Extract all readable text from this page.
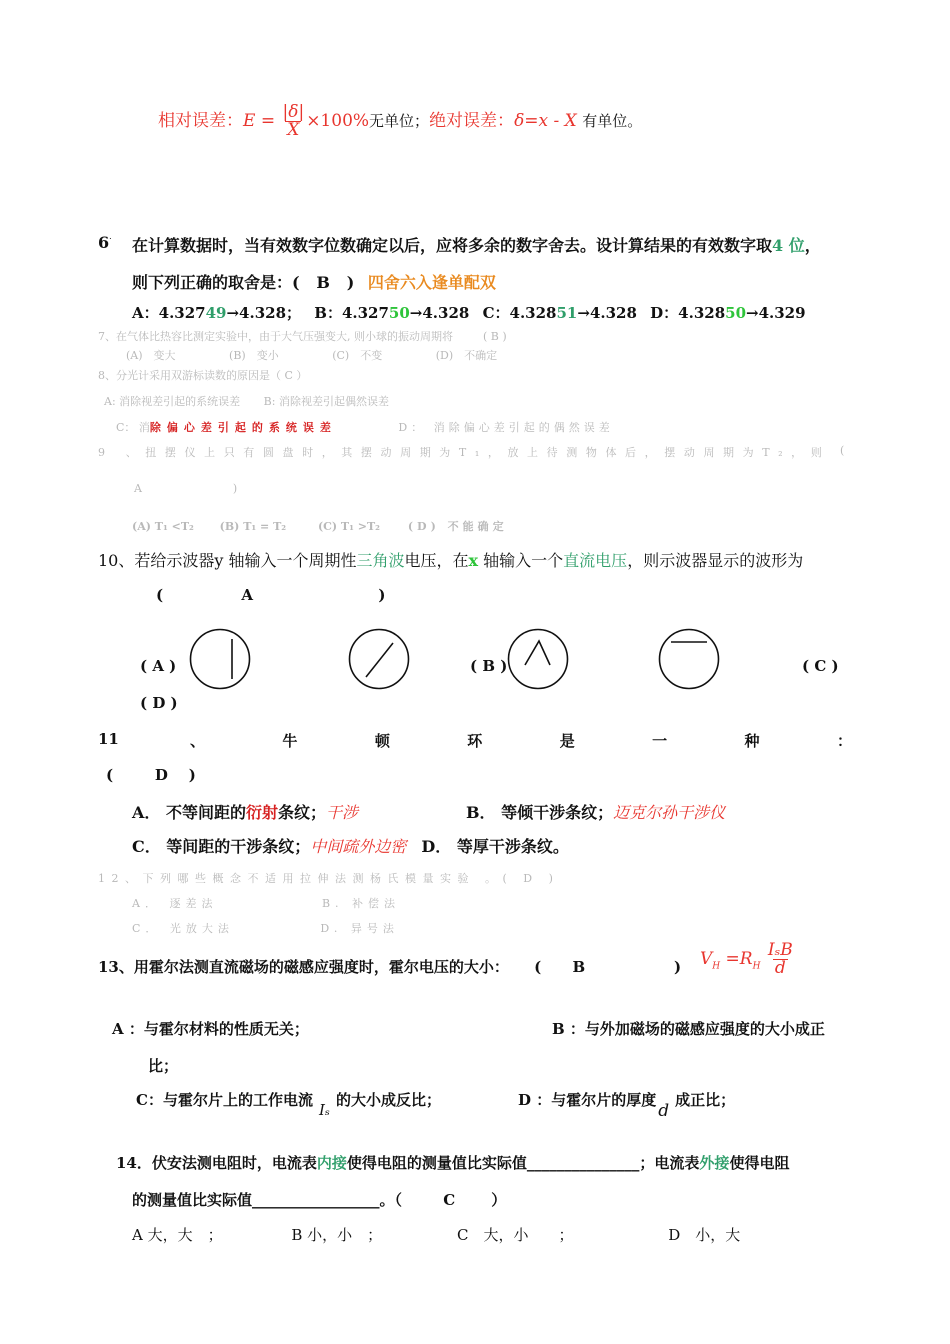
相对误差：$E = \frac{|\delta|}{X} \times 100\%$无单位；绝对误差：δ=x - X 有单位。
6· 在计算数据时，当有效数字位数确定以后，应将多余的数字舍去。设计算结果的有效数字取4 位，
则下列正确的取舍是：( B ) 四舍六入逢单配双
A：4.32749→4.328； B：4.32750→4.328 C：4.32851→4.328 D：4.32850→4.329
7、在气体比热容比测定实验中，由于大气压强变大, 则小球的振动周期将	( B )
(A)　变大	(B)　变小	(C)　不变	(D)　不确定
8、分光计采用双游标读数的原因是（ C ）
A: 消除视差引起的系统误差 B: 消除视差引起偶然误差
C： 消除偏心差引起的系统误差	D： 消除偏心差引起的偶然误差
9 、扭摆仪上只有圆盘时，其摆动周期为T₁，放上待测物体后，摆动周期为T₂，则 (
A                          )
(A) T₁ <T₂ (B) T₁ = T₂	(C) T₁ >T₂	(D) 不能确定
10、若给示波器y 轴输入一个周期性三角波电压，在x 轴输入一个直流电压，则示波器显示的波形为
(               A                        )
( A )	( B )	( C )
( D )
11	、	牛	顿	环	是	一	种	：
(        D    )
A． 不等间距的衍射条纹；干涉	B． 等倾干涉条纹；迈克尔孙干涉仪
C． 等间距的干涉条纹；中间疏外边密 D． 等厚干涉条纹。
12、下列哪些概念不适用拉伸法测杨氏模量实验 。( D )
A． 逐差法	B. 补偿法
C． 光放大法	D. 异号法
13、用霍尔法测直流磁场的磁感应强度时，霍尔电压的大小： (      B                 ) $V_H =R_H \frac{\text{IₛB}}{d}$
A ：与霍尔材料的性质无关；	B ：与外加磁场的磁感应强度的大小成正
比；
C：与霍尔片上的工作电流Iₛ的大小成反比；	D ：与霍尔片的厚度d成正比；
14．伏安法测电阻时，电流表内接使得电阻的测量值比实际值_______________；电流表外接使得电阻
的测量值比实际值_________________。（	C ）
A 大，大　；	B 小，小　；	C　大，小　　；	D　小，大
